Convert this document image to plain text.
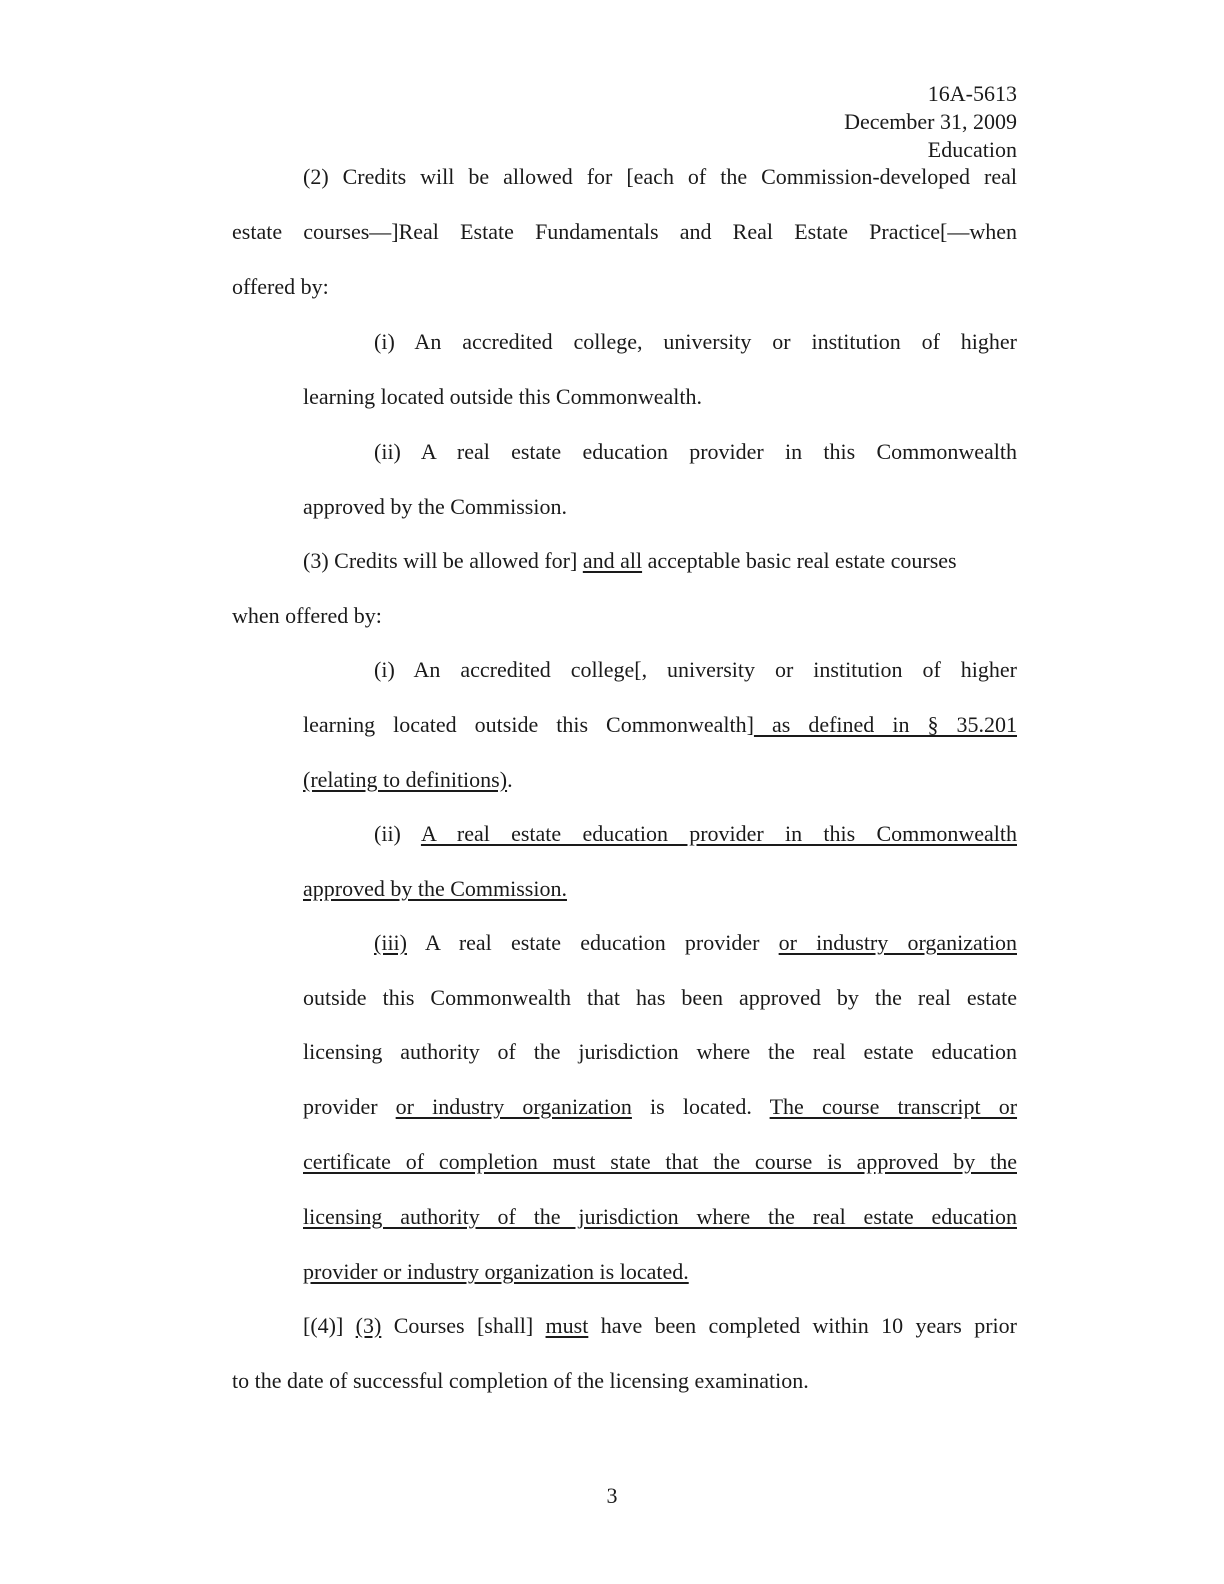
16A-5613
December 31, 2009
Education
(2) Credits will be allowed for [each of the Commission-developed real
estate courses—]Real Estate Fundamentals and Real Estate Practice[—when
offered by:
(i) An accredited college, university or institution of higher
learning located outside this Commonwealth.
(ii) A real estate education provider in this Commonwealth
approved by the Commission.
(3) Credits will be allowed for] and all acceptable basic real estate courses
when offered by:
(i) An accredited college[, university or institution of higher
learning located outside this Commonwealth] as defined in § 35.201
(relating to definitions).
(ii) A real estate education provider in this Commonwealth
approved by the Commission.
(iii) A real estate education provider or industry organization
outside this Commonwealth that has been approved by the real estate
licensing authority of the jurisdiction where the real estate education
provider or industry organization is located. The course transcript or
certificate of completion must state that the course is approved by the
licensing authority of the jurisdiction where the real estate education
provider or industry organization is located.
[(4)] (3) Courses [shall] must have been completed within 10 years prior
to the date of successful completion of the licensing examination.
3
